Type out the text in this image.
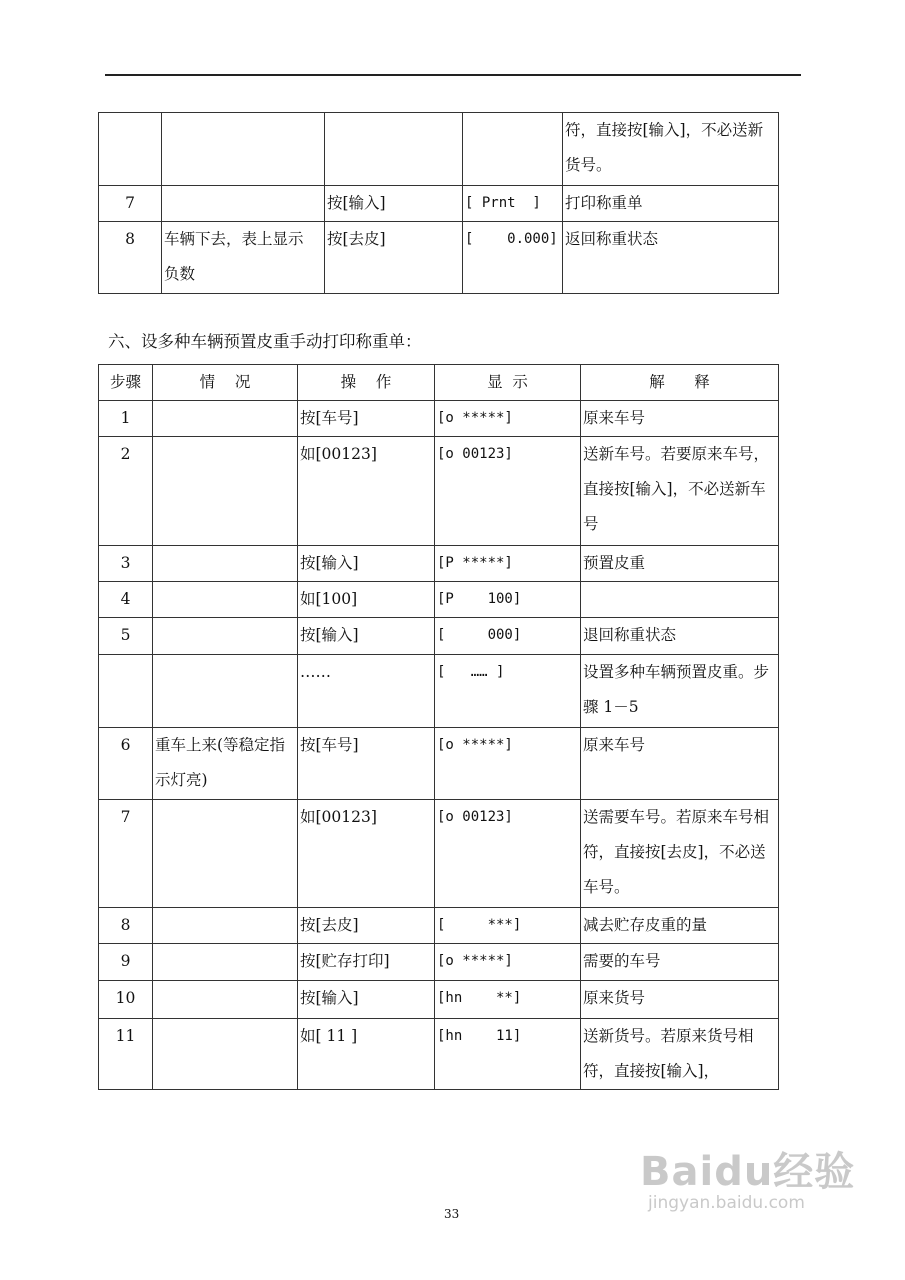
				符，直接按[输入]，不必送新货号。
7		按[输入]	[ Prnt  ]	打印称重单
8	车辆下去，表上显示 负数	按[去皮]	[    0.000]	返回称重状态
六、设多种车辆预置皮重手动打印称重单：
步骤	情    况	操    作	显  示	解      释
1		按[车号]	[o *****]	原来车号
2		如[00123]	[o 00123]	送新车号。若要原来车号，直接按[输入]，不必送新车号
3		按[输入]	[P *****]	预置皮重
4		如[100]	[P    100]	
5		按[输入]	[     000]	退回称重状态
		……	[   …… ]	设置多种车辆预置皮重。步骤 1－5
6	重车上来(等稳定指示灯亮)	按[车号]	[o *****]	原来车号
7		如[00123]	[o 00123]	送需要车号。若原来车号相符，直接按[去皮]，不必送车号。
8		按[去皮]	[     ***]	减去贮存皮重的量
9		按[贮存打印]	[o *****]	需要的车号
10		按[输入]	[hn    **]	原来货号
11		如[ 11 ]	[hn    11]	送新货号。若原来货号相符，直接按[输入]，
33
Baidu经验
jingyan.baidu.com
